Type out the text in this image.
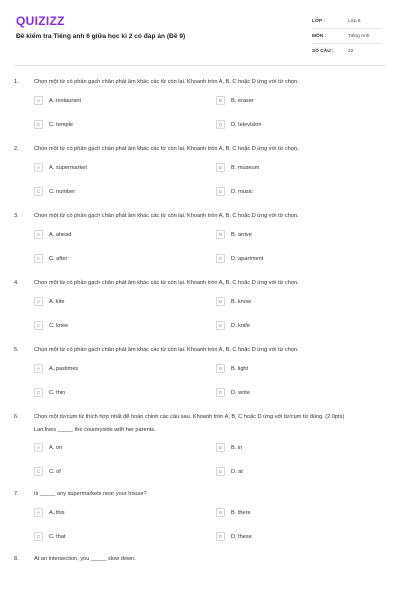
QUIZIZZ
Đề kiểm tra Tiếng anh 6 giữa học kì 2 có đáp án (Đề 9)
LỚP :	Lớp 6
MÔN :	Tiếng Anh
SỐ CÂU :	22
1.	Chọn một từ có phần gạch chân phát âm khác các từ còn lại. Khoanh tròn A, B, C hoặc D ứng với từ chọn.
A	A. restaurant	B	B. eraser
C	C. temple	D	D. television
2.	Chọn một từ có phần gạch chân phát âm khác các từ còn lại. Khoanh tròn A, B, C hoặc D ứng với từ chọn.
A	A. supermarket	B	B. museum
C	C. number	D	D. music
3.	Chọn một từ có phần gạch chân phát âm khác các từ còn lại. Khoanh tròn A, B, C hoặc D ứng với từ chọn.
A	A. ahead	B	B. arrive
C	C. after	D	D. apartment
4.	Chọn một từ có phần gạch chân phát âm khác các từ còn lại. Khoanh tròn A, B, C hoặc D ứng với từ chọn.
A	A. kite	B	B. know
C	C. knee	D	D. knife
5.	Chọn một từ có phần gạch chân phát âm khác các từ còn lại. Khoanh tròn A, B, C hoặc D ứng với từ chọn.
A	A. pastimes	B	B. light
C	C. thin	D	D. write
6.	Chọn một từ/cụm từ thích hợp nhất để hoàn chỉnh các câu sau. Khoanh tròn A, B, C hoặc D ứng với từ/cụm từ đúng. (2.0pts)
Lan lives _____ the countryside with her parents.
A	A. on	B	B. in
C	C. of	D	D. at
7.	Is _____ any supermarkets near your house?
A	A. this	B	B. there
C	C. that	D	D. these
8.	At an intersection, you _____ slow down.
